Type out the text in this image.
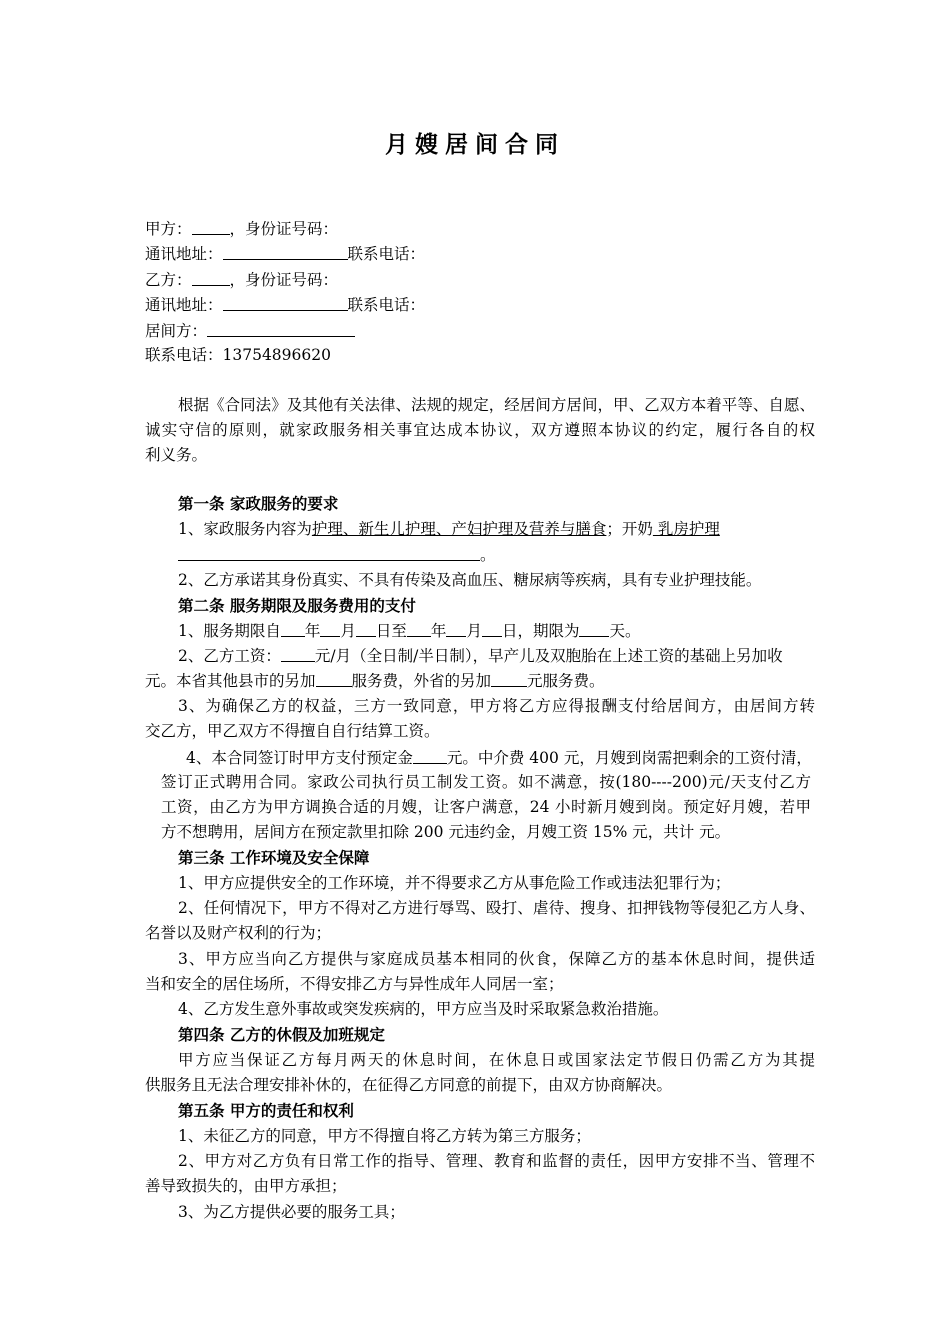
月嫂居间合同
甲方： ，身份证号码：
通讯地址：	联系电话：
乙方： ，身份证号码：
通讯地址：	联系电话：
居间方：
联系电话：13754896620
根据《合同法》及其他有关法律、法规的规定，经居间方居间，甲、乙双方本着平等、自愿、
诚实守信的原则，就家政服务相关事宜达成本协议，双方遵照本协议的约定，履行各自的权
利义务。
第一条 家政服务的要求
1、家政服务内容为护理、新生儿护理、产妇护理及营养与膳食；开奶 乳房护理
。
2、乙方承诺其身份真实、不具有传染及高血压、糖尿病等疾病，具有专业护理技能。
第二条 服务期限及服务费用的支付
1、服务期限自 年 月 日至 年 月 日，期限为 天。
2、乙方工资： 元/月（全日制/半日制），早产儿及双胞胎在上述工资的基础上另加收
元。本省其他县市的另加 服务费，外省的另加 元服务费。
3、为确保乙方的权益，三方一致同意，甲方将乙方应得报酬支付给居间方，由居间方转
交乙方，甲乙双方不得擅自自行结算工资。
4、本合同签订时甲方支付预定金 元。中介费 400 元，月嫂到岗需把剩余的工资付清，
签订正式聘用合同。家政公司执行员工制发工资。如不满意，按(180----200)元/天支付乙方
工资，由乙方为甲方调换合适的月嫂，让客户满意，24 小时新月嫂到岗。预定好月嫂，若甲
方不想聘用，居间方在预定款里扣除 200 元违约金，月嫂工资 15% 元，共计 元。
第三条 工作环境及安全保障
1、甲方应提供安全的工作环境，并不得要求乙方从事危险工作或违法犯罪行为；
2、任何情况下，甲方不得对乙方进行辱骂、殴打、虐待、搜身、扣押钱物等侵犯乙方人身、
名誉以及财产权利的行为；
3、甲方应当向乙方提供与家庭成员基本相同的伙食，保障乙方的基本休息时间，提供适
当和安全的居住场所，不得安排乙方与异性成年人同居一室；
4、乙方发生意外事故或突发疾病的，甲方应当及时采取紧急救治措施。
第四条 乙方的休假及加班规定
甲方应当保证乙方每月两天的休息时间，在休息日或国家法定节假日仍需乙方为其提
供服务且无法合理安排补休的，在征得乙方同意的前提下，由双方协商解决。
第五条 甲方的责任和权利
1、未征乙方的同意，甲方不得擅自将乙方转为第三方服务；
2、甲方对乙方负有日常工作的指导、管理、教育和监督的责任，因甲方安排不当、管理不
善导致损失的，由甲方承担；
3、为乙方提供必要的服务工具；
